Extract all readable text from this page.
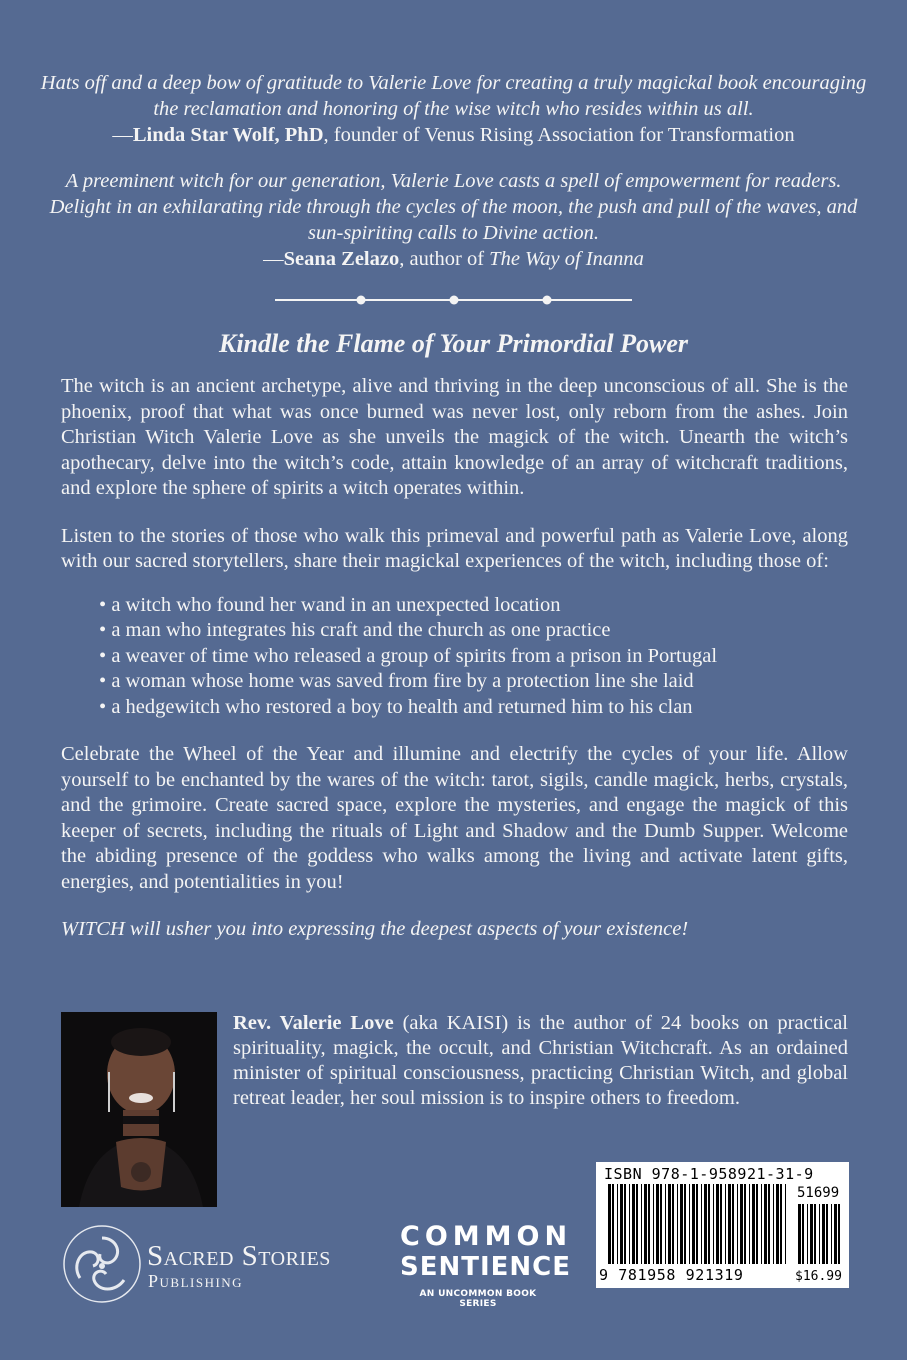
Hats off and a deep bow of gratitude to Valerie Love for creating a truly magickal book encouraging the reclamation and honoring of the wise witch who resides within us all.
—Linda Star Wolf, PhD, founder of Venus Rising Association for Transformation
A preeminent witch for our generation, Valerie Love casts a spell of empowerment for readers. Delight in an exhilarating ride through the cycles of the moon, the push and pull of the waves, and sun-spiriting calls to Divine action.
—Seana Zelazo, author of The Way of Inanna
Kindle the Flame of Your Primordial Power

The witch is an ancient archetype, alive and thriving in the deep unconscious of all. She is the phoenix, proof that what was once burned was never lost, only reborn from the ashes. Join Christian Witch Valerie Love as she unveils the magick of the witch. Unearth the witch’s apothecary, delve into the witch’s code, attain knowledge of an array of witchcraft traditions, and explore the sphere of spirits a witch operates within.

Listen to the stories of those who walk this primeval and powerful path as Valerie Love, along with our sacred storytellers, share their magickal experiences of the witch, including those of:

• a witch who found her wand in an unexpected location
• a man who integrates his craft and the church as one practice
• a weaver of time who released a group of spirits from a prison in Portugal
• a woman whose home was saved from fire by a protection line she laid
• a hedgewitch who restored a boy to health and returned him to his clan

Celebrate the Wheel of the Year and illumine and electrify the cycles of your life. Allow yourself to be enchanted by the wares of the witch: tarot, sigils, candle magick, herbs, crystals, and the grimoire. Create sacred space, explore the mysteries, and engage the magick of this keeper of secrets, including the rituals of Light and Shadow and the Dumb Supper. Welcome the abiding presence of the goddess who walks among the living and activate latent gifts, energies, and potentialities in you!

WITCH will usher you into expressing the deepest aspects of your existence!

Rev. Valerie Love (aka KAISI) is the author of 24 books on practical spirituality, magick, the occult, and Christian Witchcraft. As an ordained minister of spiritual consciousness, practicing Christian Witch, and global retreat leader, her soul mission is to inspire others to freedom.
ISBN 978-1-958921-31-9
51699
9 781958 921319	$16.99
Sacred Stories
Publishing
COMMON
SENTIENCE
AN UNCOMMON BOOK SERIES
